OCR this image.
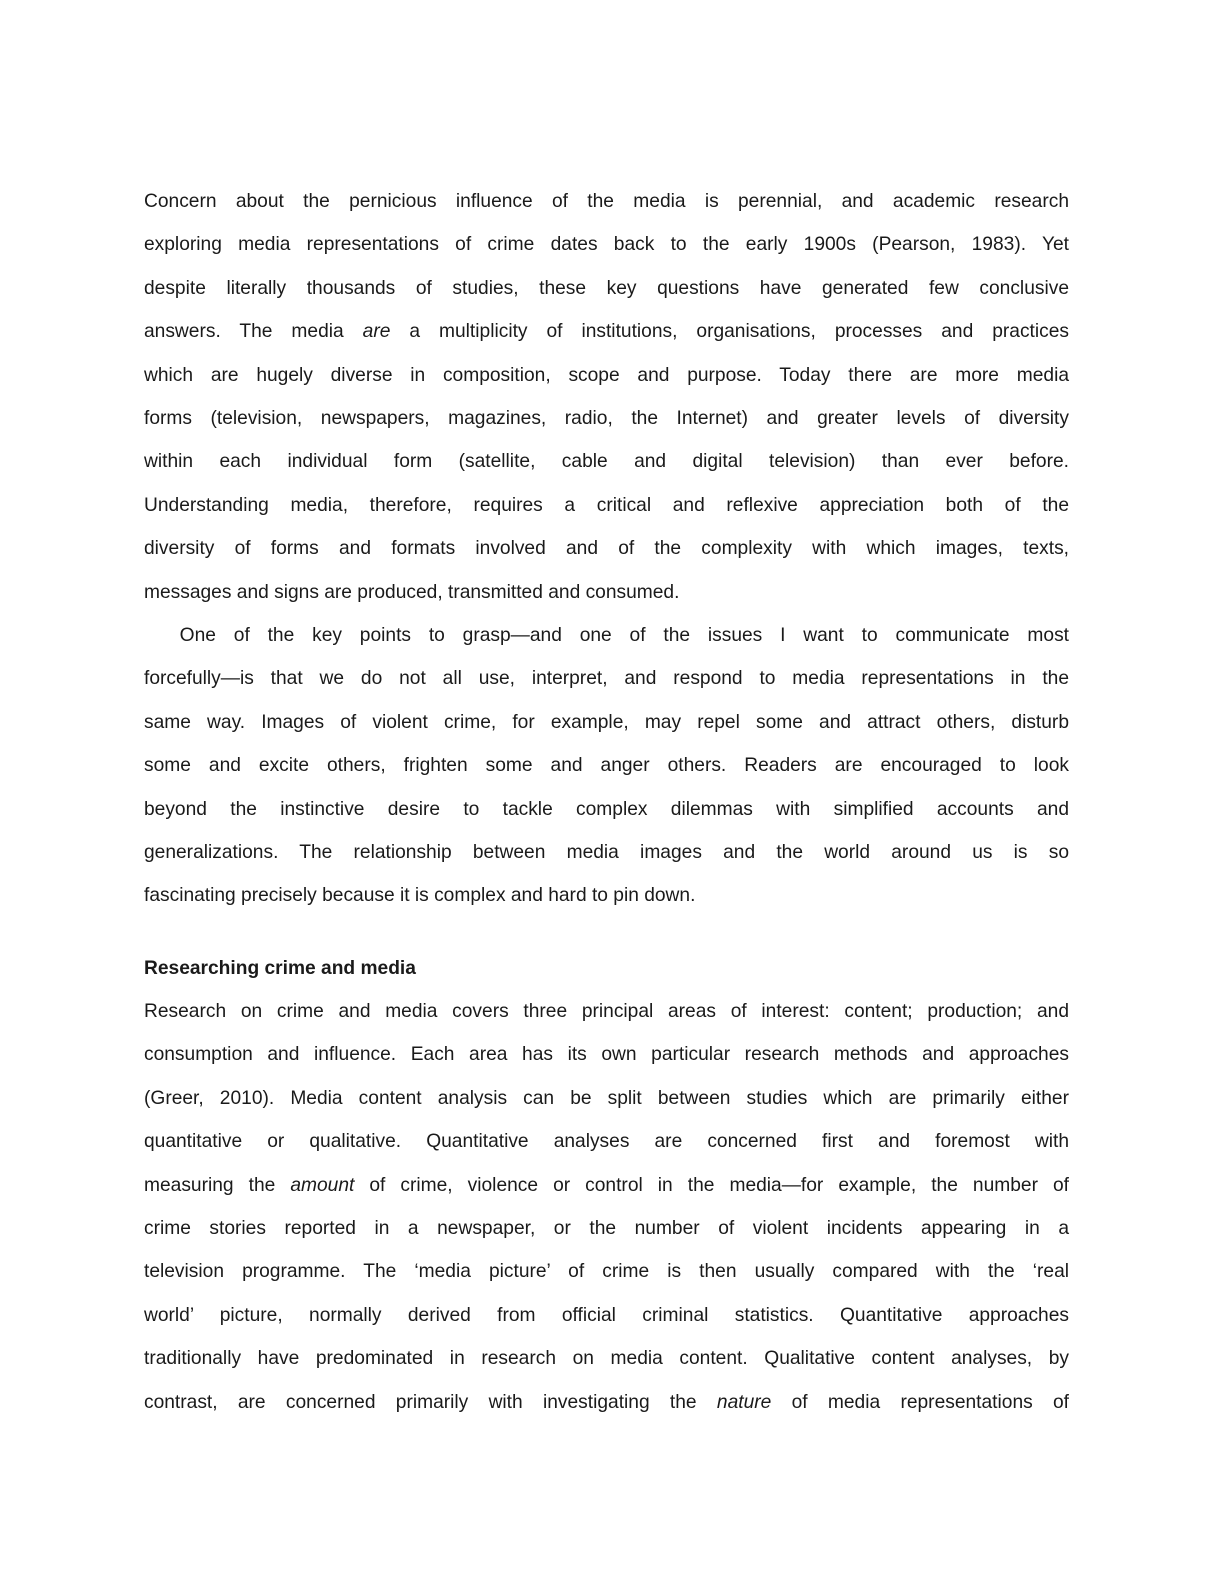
Concern about the pernicious influence of the media is perennial, and academic research
exploring media representations of crime dates back to the early 1900s (Pearson, 1983). Yet
despite literally thousands of studies, these key questions have generated few conclusive
answers. The media are a multiplicity of institutions, organisations, processes and practices
which are hugely diverse in composition, scope and purpose. Today there are more media
forms (television, newspapers, magazines, radio, the Internet) and greater levels of diversity
within each individual form (satellite, cable and digital television) than ever before.
Understanding media, therefore, requires a critical and reflexive appreciation both of the
diversity of forms and formats involved and of the complexity with which images, texts,
messages and signs are produced, transmitted and consumed.
One of the key points to grasp—and one of the issues I want to communicate most
forcefully—is that we do not all use, interpret, and respond to media representations in the
same way. Images of violent crime, for example, may repel some and attract others, disturb
some and excite others, frighten some and anger others. Readers are encouraged to look
beyond the instinctive desire to tackle complex dilemmas with simplified accounts and
generalizations. The relationship between media images and the world around us is so
fascinating precisely because it is complex and hard to pin down.
Researching crime and media
Research on crime and media covers three principal areas of interest: content; production; and
consumption and influence. Each area has its own particular research methods and approaches
(Greer, 2010). Media content analysis can be split between studies which are primarily either
quantitative or qualitative. Quantitative analyses are concerned first and foremost with
measuring the amount of crime, violence or control in the media—for example, the number of
crime stories reported in a newspaper, or the number of violent incidents appearing in a
television programme. The ‘media picture’ of crime is then usually compared with the ‘real
world’ picture, normally derived from official criminal statistics. Quantitative approaches
traditionally have predominated in research on media content. Qualitative content analyses, by
contrast, are concerned primarily with investigating the nature of media representations of
